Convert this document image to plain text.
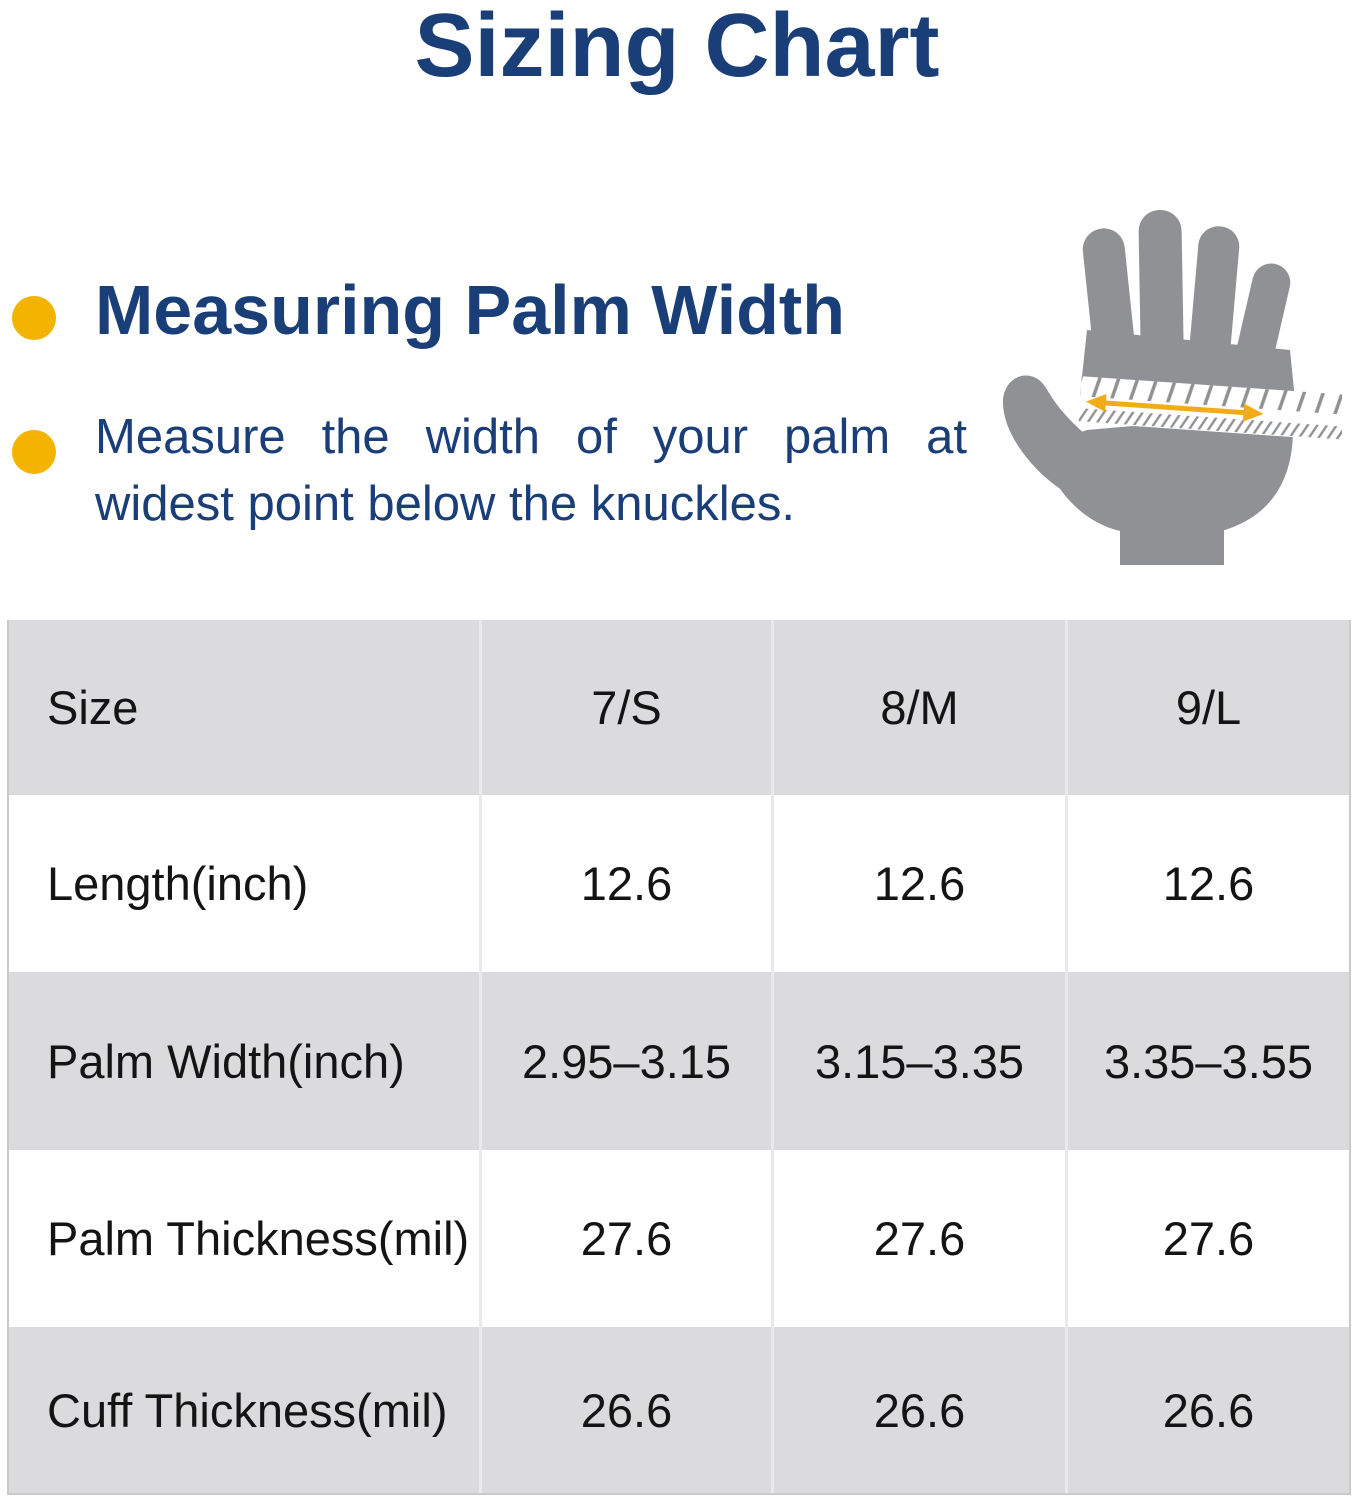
Sizing Chart
Measuring Palm Width

Measure the width of your palm at
widest point below the knuckles.

Size	7/S	8/M	9/L
Length(inch)	12.6	12.6	12.6
Palm Width(inch)	2.95–3.15	3.15–3.35	3.35–3.55
Palm Thickness(mil)	27.6	27.6	27.6
Cuff Thickness(mil)	26.6	26.6	26.6
